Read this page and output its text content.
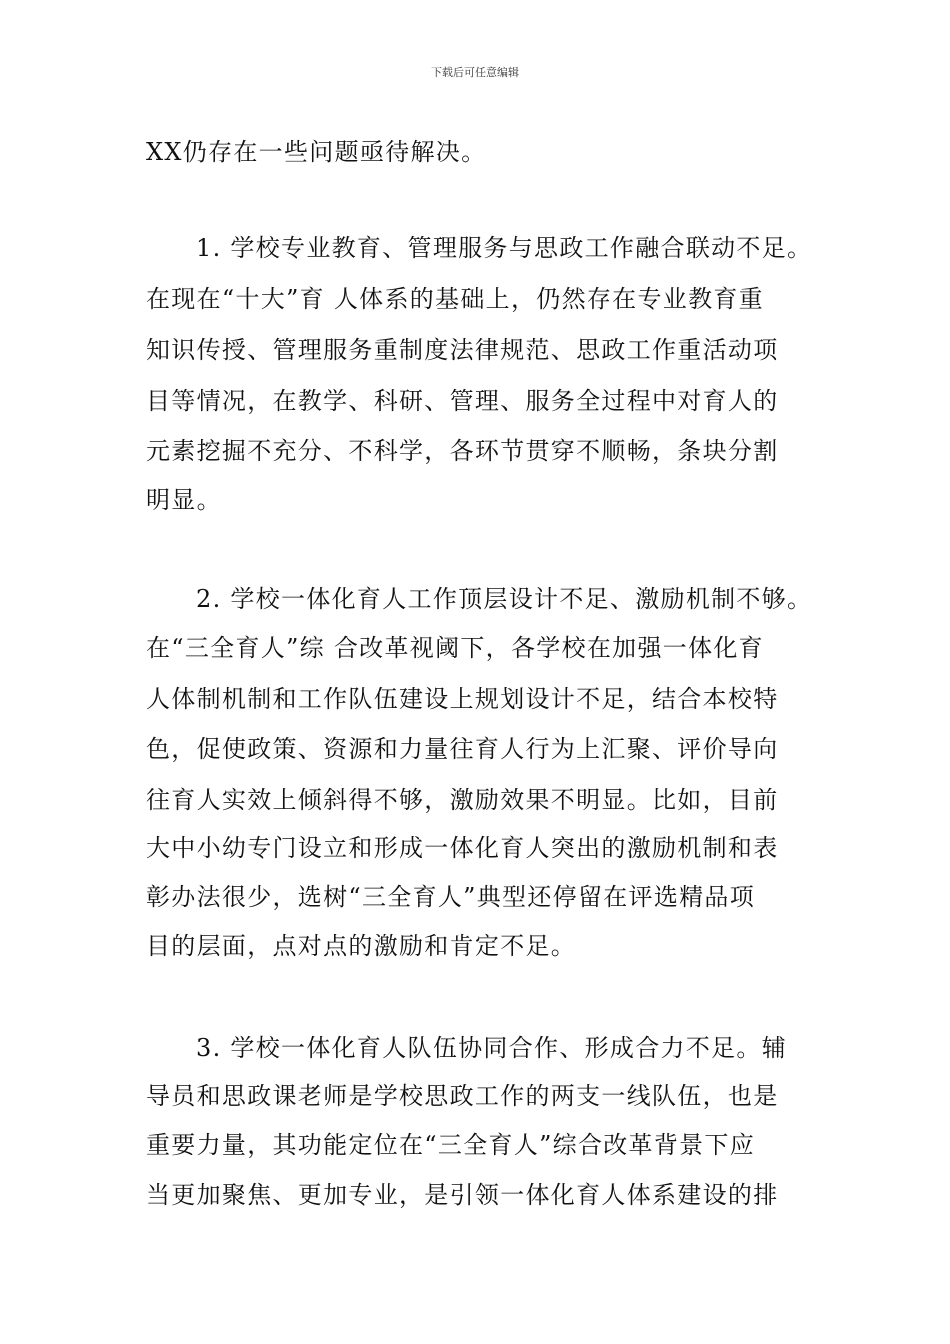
下载后可任意编辑
XX仍存在一些问题亟待解决。
1. 学校专业教育、管理服务与思政工作融合联动不足。
在现在“十大”育 人体系的基础上，仍然存在专业教育重
知识传授、管理服务重制度法律规范、思政工作重活动项
目等情况，在教学、科研、管理、服务全过程中对育人的
元素挖掘不充分、不科学，各环节贯穿不顺畅，条块分割
明显。
2. 学校一体化育人工作顶层设计不足、激励机制不够。
在“三全育人”综 合改革视阈下，各学校在加强一体化育
人体制机制和工作队伍建设上规划设计不足，结合本校特
色，促使政策、资源和力量往育人行为上汇聚、评价导向
往育人实效上倾斜得不够，激励效果不明显。比如，目前
大中小幼专门设立和形成一体化育人突出的激励机制和表
彰办法很少，选树“三全育人”典型还停留在评选精品项
目的层面，点对点的激励和肯定不足。
3. 学校一体化育人队伍协同合作、形成合力不足。辅
导员和思政课老师是学校思政工作的两支一线队伍，也是
重要力量，其功能定位在“三全育人”综合改革背景下应
当更加聚焦、更加专业，是引领一体化育人体系建设的排
